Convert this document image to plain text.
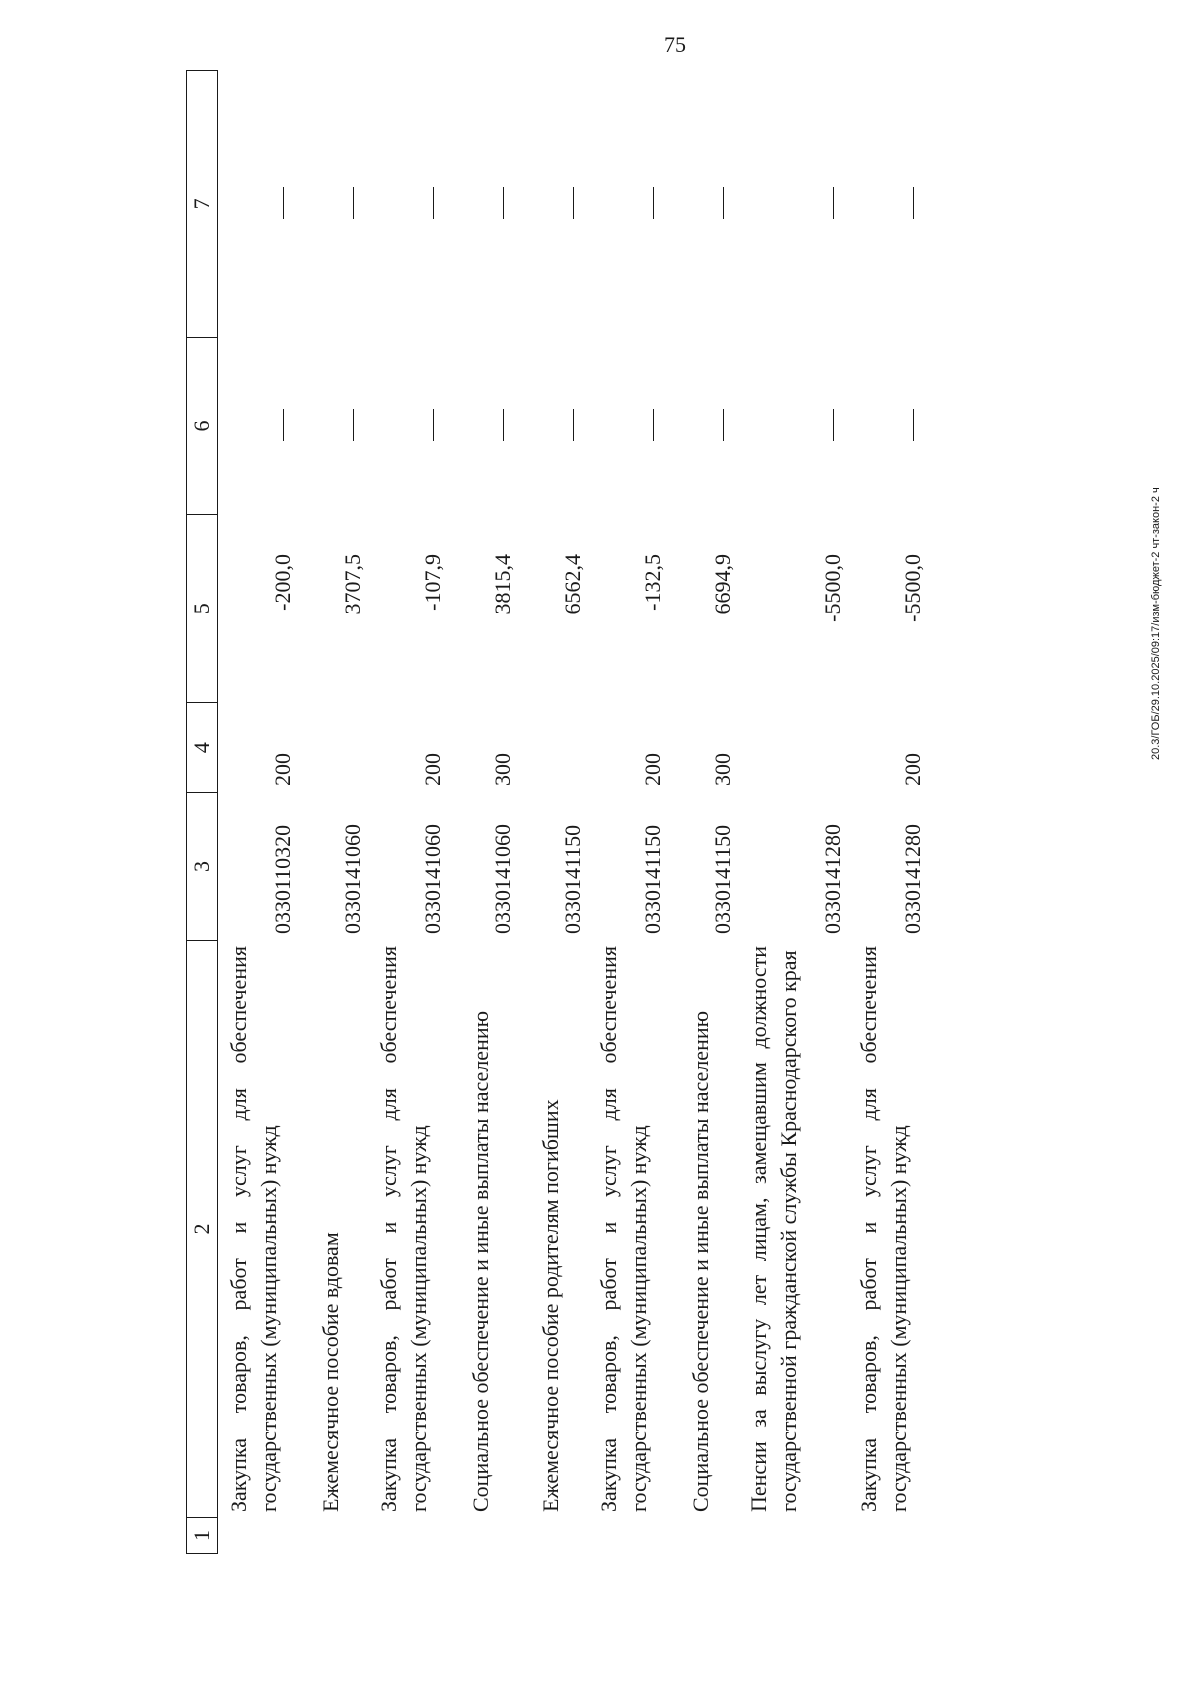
75
20.3/ГОБ/29.10.2025/09:17/изм-бюджет-2 чт-закон-2 ч
1
2
3
4
5
6
7
Закупка товаров, работ и услуг для обеспечения государственных (муниципальных) нужд
0330110320
200
-200,0
Ежемесячное пособие вдовам
0330141060
3707,5
Закупка товаров, работ и услуг для обеспечения государственных (муниципальных) нужд
0330141060
200
-107,9
Социальное обеспечение и иные выплаты населению
0330141060
300
3815,4
Ежемесячное пособие родителям погибших
0330141150
6562,4
Закупка товаров, работ и услуг для обеспечения государственных (муниципальных) нужд
0330141150
200
-132,5
Социальное обеспечение и иные выплаты населению
0330141150
300
6694,9
Пенсии за выслугу лет лицам, замещавшим должности государственной гражданской службы Краснодарского края
0330141280
-5500,0
Закупка товаров, работ и услуг для обеспечения государственных (муниципальных) нужд
0330141280
200
-5500,0
